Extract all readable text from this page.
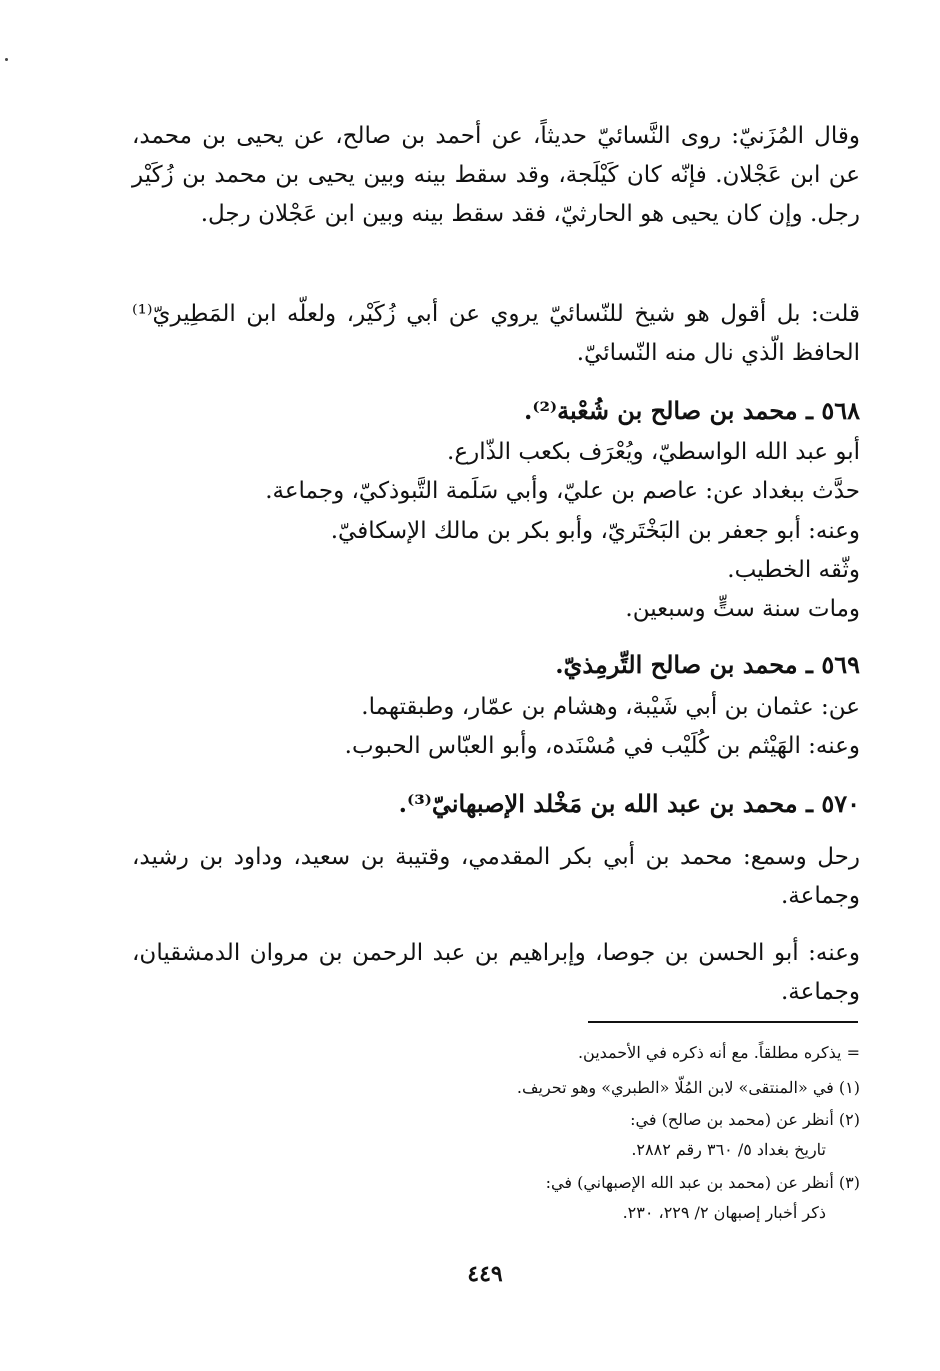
وقال المُزَنيّ: روى النَّسائيّ حديثاً، عن أحمد بن صالح، عن يحيى بن محمد، عن ابن عَجْلان. فإنّه كان كَيْلَجة، وقد سقط بينه وبين يحيى بن محمد بن زُكَيْر رجل. وإن كان يحيى هو الحارثيّ، فقد سقط بينه وبين ابن عَجْلان رجل.
قلت: بل أقول هو شيخ للنّسائيّ يروي عن أبي زُكَيْر، ولعلّه ابن المَطِيريّ⁽¹⁾ الحافظ الّذي نال منه النّسائيّ.
٥٦٨ ـ محمد بن صالح بن شُعْبة⁽²⁾.
أبو عبد الله الواسطيّ، ويُعْرَف بكعب الذّارع.
حدَّث ببغداد عن: عاصم بن عليّ، وأبي سَلَمة التَّبوذكيّ، وجماعة.
وعنه: أبو جعفر بن البَخْتَريّ، وأبو بكر بن مالك الإسكافيّ.
وثّقه الخطيب.
ومات سنة ستٍّ وسبعين.
٥٦٩ ـ محمد بن صالح التِّرمِذيّ.
عن: عثمان بن أبي شَيْبة، وهشام بن عمّار، وطبقتهما.
وعنه: الهَيْثم بن كُلَيْب في مُسْنَده، وأبو العبّاس الحبوب.
٥٧٠ ـ محمد بن عبد الله بن مَخْلد الإصبهانيّ⁽³⁾.
رحل وسمع: محمد بن أبي بكر المقدمي، وقتيبة بن سعيد، وداود بن رشيد، وجماعة.
وعنه: أبو الحسن بن جوصا، وإبراهيم بن عبد الرحمن بن مروان الدمشقيان، وجماعة.
= يذكره مطلقاً. مع أنه ذكره في الأحمدين.
(١) في «المنتقى» لابن المُلّا «الطبري» وهو تحريف.
(٢) أنظر عن (محمد بن صالح) في:
تاريخ بغداد ٥/ ٣٦٠ رقم ٢٨٨٢.
(٣) أنظر عن (محمد بن عبد الله الإصبهاني) في:
ذكر أخبار إصبهان ٢/ ٢٢٩، ٢٣٠.
٤٤٩
